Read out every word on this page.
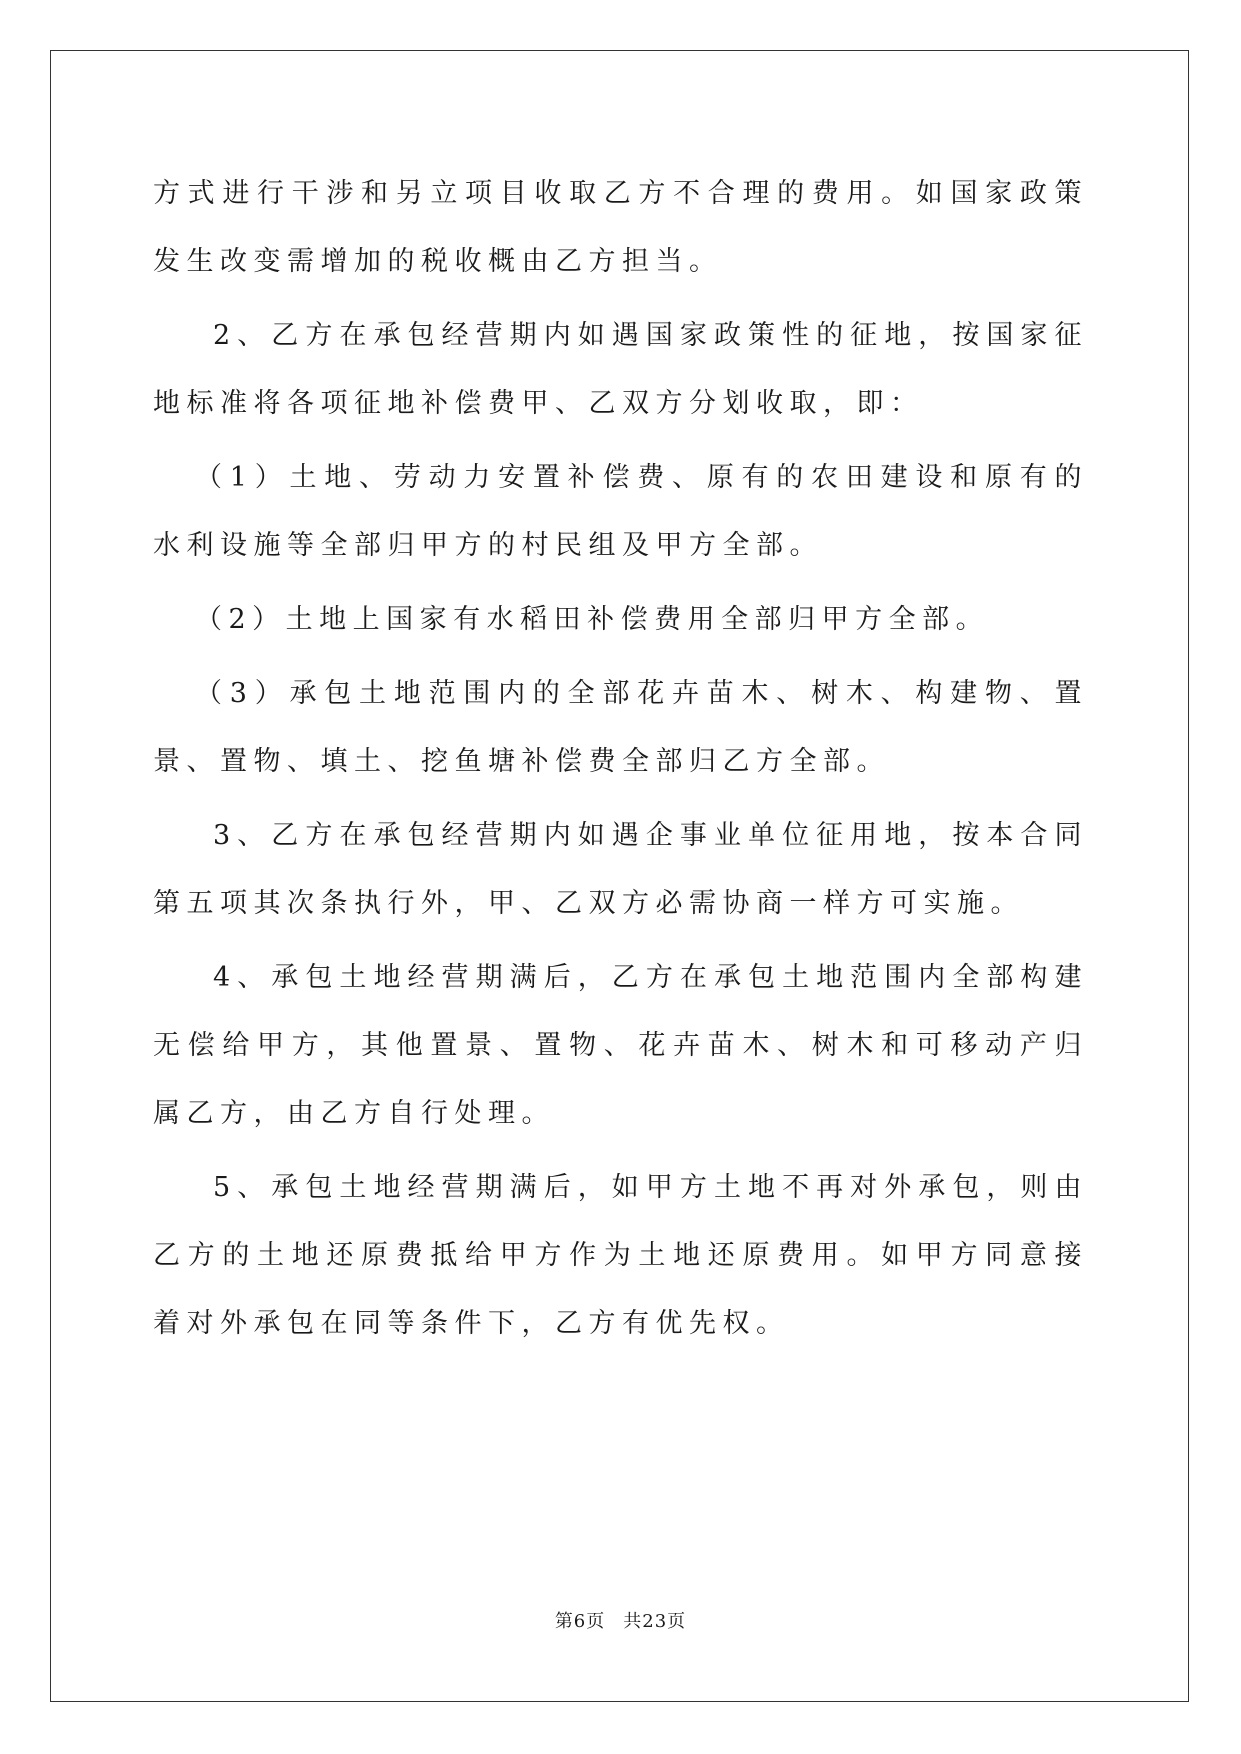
方式进行干涉和另立项目收取乙方不合理的费用。如国家政策发生改变需增加的税收概由乙方担当。

2、乙方在承包经营期内如遇国家政策性的征地，按国家征地标准将各项征地补偿费甲、乙双方分划收取，即：

（1）土地、劳动力安置补偿费、原有的农田建设和原有的水利设施等全部归甲方的村民组及甲方全部。

（2）土地上国家有水稻田补偿费用全部归甲方全部。

（3）承包土地范围内的全部花卉苗木、树木、构建物、置景、置物、填土、挖鱼塘补偿费全部归乙方全部。

3、乙方在承包经营期内如遇企事业单位征用地，按本合同第五项其次条执行外，甲、乙双方必需协商一样方可实施。

4、承包土地经营期满后，乙方在承包土地范围内全部构建无偿给甲方，其他置景、置物、花卉苗木、树木和可移动产归属乙方，由乙方自行处理。

5、承包土地经营期满后，如甲方土地不再对外承包，则由乙方的土地还原费抵给甲方作为土地还原费用。如甲方同意接着对外承包在同等条件下，乙方有优先权。

第6页 共23页
